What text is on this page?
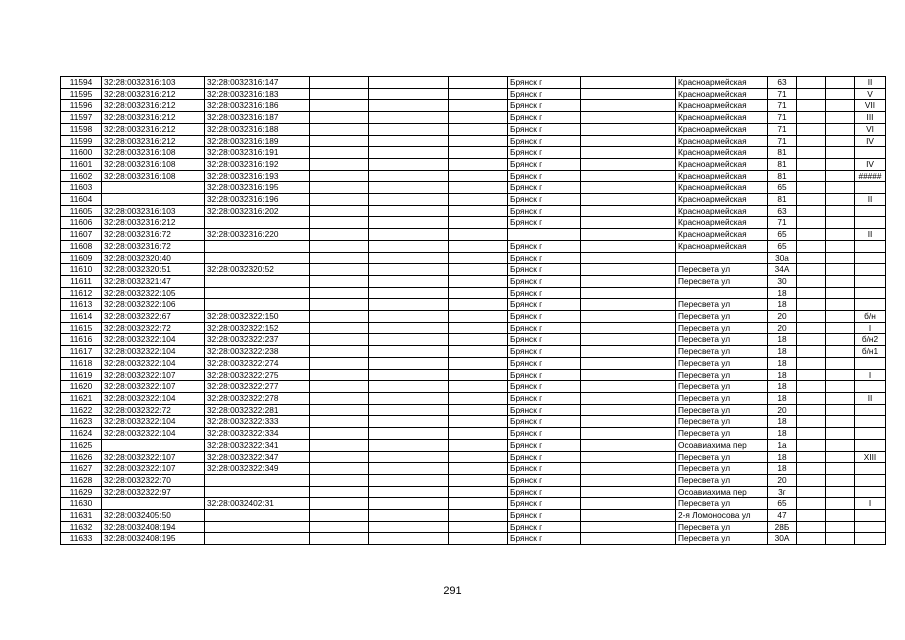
11594	32:28:0032316:103	32:28:0032316:147				Брянск г		Красноармейская	63			II
11595	32:28:0032316:212	32:28:0032316:183				Брянск г		Красноармейская	71			V
11596	32:28:0032316:212	32:28:0032316:186				Брянск г		Красноармейская	71			VII
11597	32:28:0032316:212	32:28:0032316:187				Брянск г		Красноармейская	71			III
11598	32:28:0032316:212	32:28:0032316:188				Брянск г		Красноармейская	71			VI
11599	32:28:0032316:212	32:28:0032316:189				Брянск г		Красноармейская	71			IV
11600	32:28:0032316:108	32:28:0032316:191				Брянск г		Красноармейская	81			
11601	32:28:0032316:108	32:28:0032316:192				Брянск г		Красноармейская	81			IV
11602	32:28:0032316:108	32:28:0032316:193				Брянск г		Красноармейская	81			#####
11603		32:28:0032316:195				Брянск г		Красноармейская	65			
11604		32:28:0032316:196				Брянск г		Красноармейская	81			II
11605	32:28:0032316:103	32:28:0032316:202				Брянск г		Красноармейская	63			
11606	32:28:0032316:212					Брянск г		Красноармейская	71			
11607	32:28:0032316:72	32:28:0032316:220						Красноармейская	65			II
11608	32:28:0032316:72					Брянск г		Красноармейская	65			
11609	32:28:0032320:40					Брянск г			30а			
11610	32:28:0032320:51	32:28:0032320:52				Брянск г		Пересвета ул	34А			
11611	32:28:0032321:47					Брянск г		Пересвета ул	30			
11612	32:28:0032322:105					Брянск г			18			
11613	32:28:0032322:106					Брянск г		Пересвета ул	18			
11614	32:28:0032322:67	32:28:0032322:150				Брянск г		Пересвета ул	20			б/н
11615	32:28:0032322:72	32:28:0032322:152				Брянск г		Пересвета ул	20			I
11616	32:28:0032322:104	32:28:0032322:237				Брянск г		Пересвета ул	18			б/н2
11617	32:28:0032322:104	32:28:0032322:238				Брянск г		Пересвета ул	18			б/н1
11618	32:28:0032322:104	32:28:0032322:274				Брянск г		Пересвета ул	18			
11619	32:28:0032322:107	32:28:0032322:275				Брянск г		Пересвета ул	18			I
11620	32:28:0032322:107	32:28:0032322:277				Брянск г		Пересвета ул	18			
11621	32:28:0032322:104	32:28:0032322:278				Брянск г		Пересвета ул	18			II
11622	32:28:0032322:72	32:28:0032322:281				Брянск г		Пересвета ул	20			
11623	32:28:0032322:104	32:28:0032322:333				Брянск г		Пересвета ул	18			
11624	32:28:0032322:104	32:28:0032322:334				Брянск г		Пересвета ул	18			
11625		32:28:0032322:341				Брянск г		Осоавиахима пер	1а			
11626	32:28:0032322:107	32:28:0032322:347				Брянск г		Пересвета ул	18			XIII
11627	32:28:0032322:107	32:28:0032322:349				Брянск г		Пересвета ул	18			
11628	32:28:0032322:70					Брянск г		Пересвета ул	20			
11629	32:28:0032322:97					Брянск г		Осоавиахима пер	3г			
11630		32:28:0032402:31				Брянск г		Пересвета ул	65			I
11631	32:28:0032405:50					Брянск г		2-я Ломоносова ул	47			
11632	32:28:0032408:194					Брянск г		Пересвета ул	28Б			
11633	32:28:0032408:195					Брянск г		Пересвета ул	30А			
291
